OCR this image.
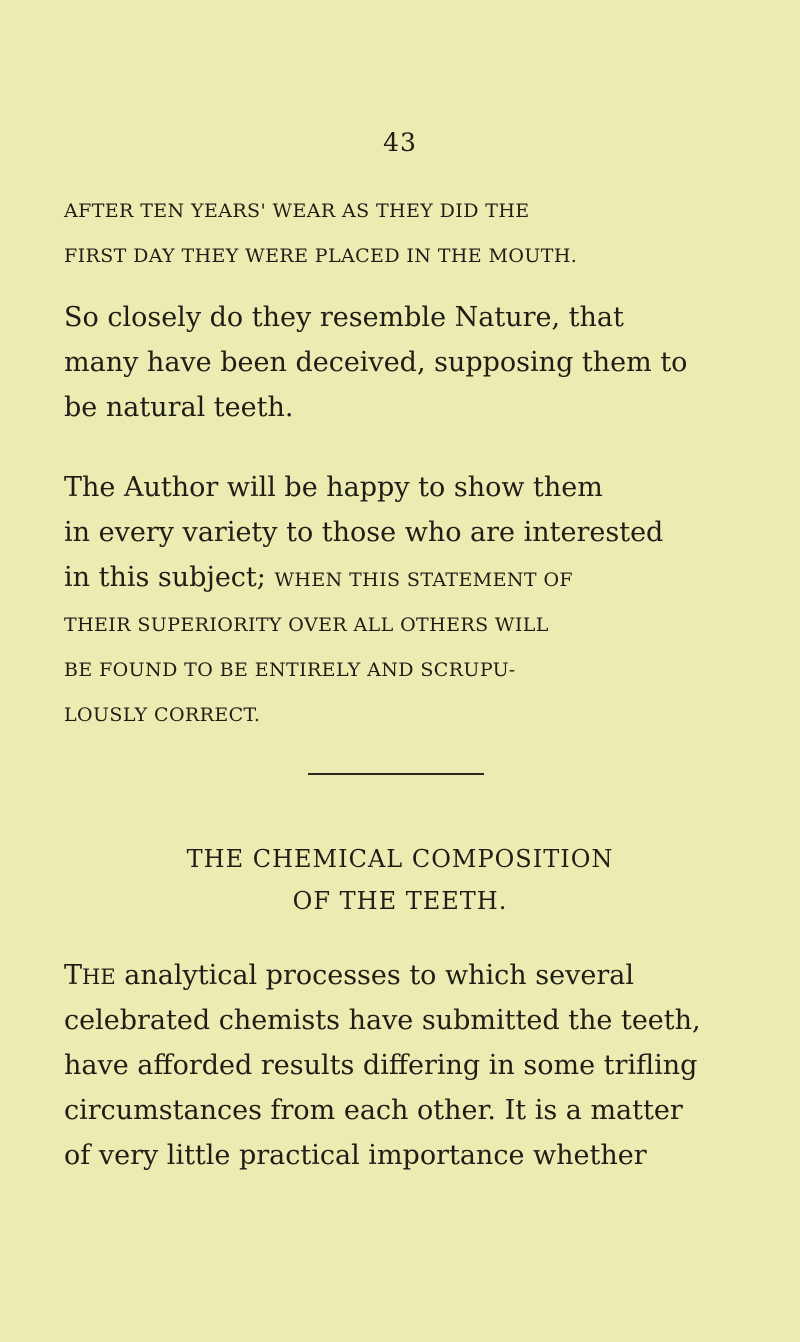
43
AFTER TEN YEARS' WEAR AS THEY DID THE
FIRST DAY THEY WERE PLACED IN THE MOUTH.
So closely do they resemble Nature, that
many have been deceived, supposing them to
be natural teeth.
The Author will be happy to show them
in every variety to those who are interested
in this subject; WHEN THIS STATEMENT OF
THEIR SUPERIORITY OVER ALL OTHERS WILL
BE FOUND TO BE ENTIRELY AND SCRUPU-
LOUSLY CORRECT.
THE CHEMICAL COMPOSITION
OF THE TEETH.
THE analytical processes to which several
celebrated chemists have submitted the teeth,
have afforded results differing in some trifling
circumstances from each other. It is a matter
of very little practical importance whether
